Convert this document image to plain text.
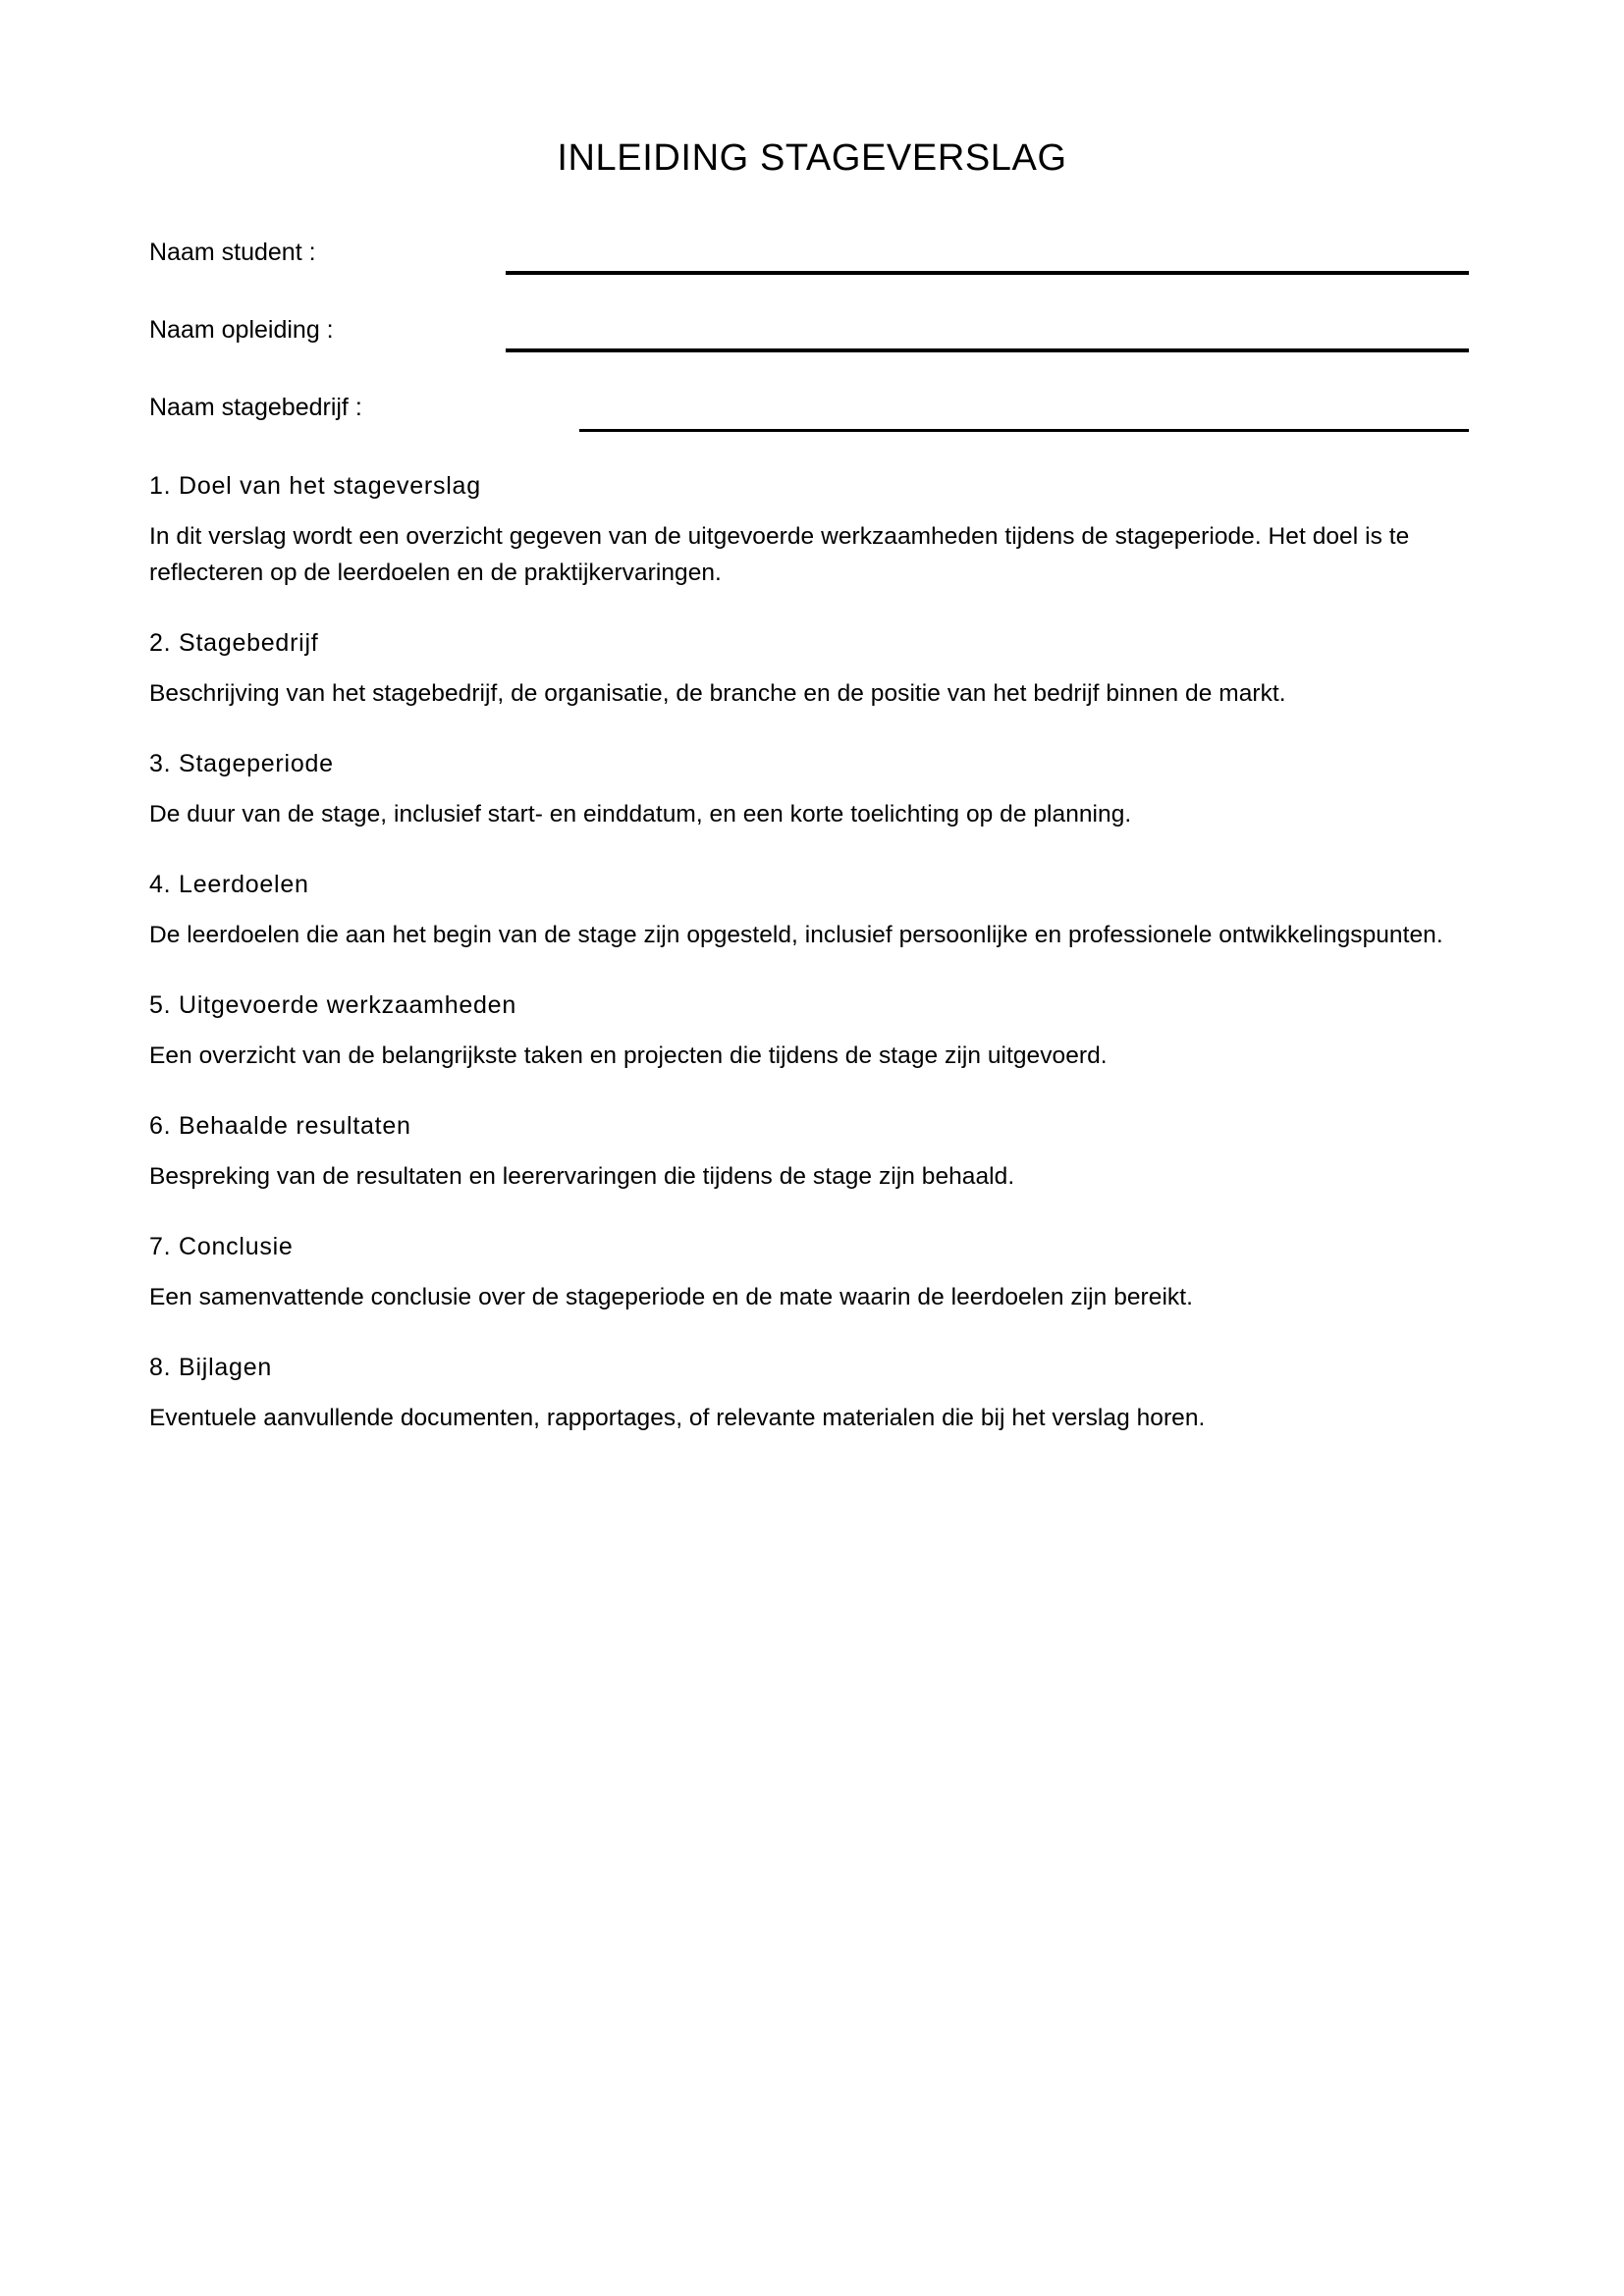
INLEIDING STAGEVERSLAG
Naam student :
Naam opleiding :
Naam stagebedrijf :
1. Doel van het stageverslag

In dit verslag wordt een overzicht gegeven van de uitgevoerde werkzaamheden tijdens de stageperiode. Het doel is te reflecteren op de leerdoelen en de praktijkervaringen.

2. Stagebedrijf

Beschrijving van het stagebedrijf, de organisatie, de branche en de positie van het bedrijf binnen de markt.

3. Stageperiode

De duur van de stage, inclusief start- en einddatum, en een korte toelichting op de planning.

4. Leerdoelen

De leerdoelen die aan het begin van de stage zijn opgesteld, inclusief persoonlijke en professionele ontwikkelingspunten.

5. Uitgevoerde werkzaamheden

Een overzicht van de belangrijkste taken en projecten die tijdens de stage zijn uitgevoerd.

6. Behaalde resultaten

Bespreking van de resultaten en leerervaringen die tijdens de stage zijn behaald.

7. Conclusie

Een samenvattende conclusie over de stageperiode en de mate waarin de leerdoelen zijn bereikt.

8. Bijlagen

Eventuele aanvullende documenten, rapportages, of relevante materialen die bij het verslag horen.
